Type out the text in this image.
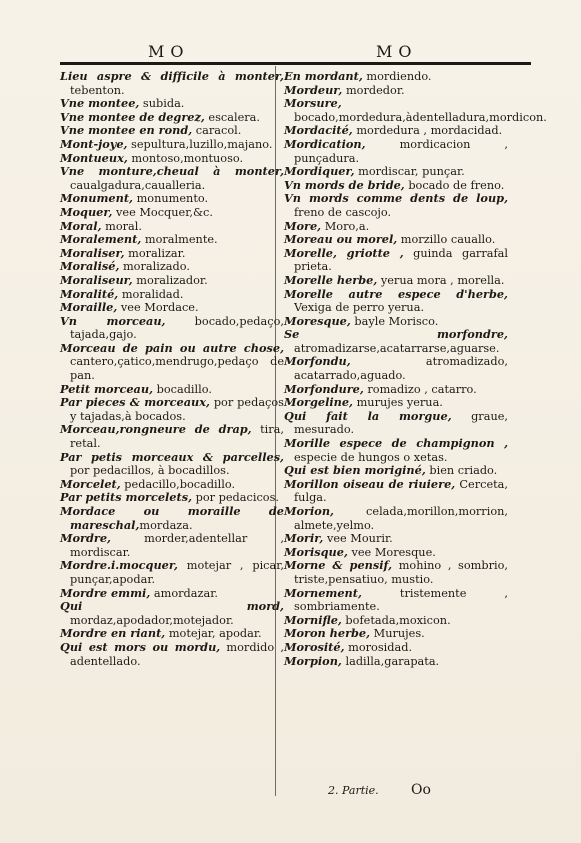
MO	MO

Lieu aspre & difficile à monter, tebenton.

Vne montee, subida.

Vne montee de degrez, escalera.

Vne montee en rond, caracol.

Mont-joye, sepultura,luzillo,majano.

Montueux, montoso,montuoso.

Vne monture,cheual à monter, caualgadura,caualleria.

Monument, monumento.

Moquer, vee Mocquer,&c.

Moral, moral.

Moralement, moralmente.

Moraliser, moralizar.

Moralisé, moralizado.

Moraliseur, moralizador.

Moralité, moralidad.

Moraille, vee Mordace.

Vn morceau, bocado,pedaço, tajada,gajo.

Morceau de pain ou autre chose, cantero,çatico,mendrugo,pedaço de pan.

Petit morceau, bocadillo.

Par pieces & morceaux, por pedaços y tajadas,à bocados.

Morceau,rongneure de drap, tira, retal.

Par petis morceaux & parcelles, por pedacillos, à bocadillos.

Morcelet, pedacillo,bocadillo.

Par petits morcelets, por pedacicos.

Mordace ou moraille de mareschal,mordaza.

Mordre, morder,adentellar , mordiscar.

Mordre.i.mocquer, motejar , picar, punçar,apodar.

Mordre emmi, amordazar.

Qui mord, mordaz,apodador,motejador.

Mordre en riant, motejar, apodar.

Qui est mors ou mordu, mordido , adentellado.

En mordant, mordiendo.

Mordeur, mordedor.

Morsure, bocado,mordedura,àdentelladura,mordicon.

Mordacité, mordedura , mordacidad.

Mordication, mordicacion , punçadura.

Mordiquer, mordiscar, punçar.

Vn mords de bride, bocado de freno.

Vn mords comme dents de loup, freno de cascojo.

More, Moro,a.

Moreau ou morel, morzillo cauallo.

Morelle, griotte , guinda garrafal prieta.

Morelle herbe, yerua mora , morella.

Morelle autre espece d'herbe, Vexiga de perro yerua.

Moresque, bayle Morisco.

Se morfondre, atromadizarse,acatarrarse,aguarse.

Morfondu, atromadizado, acatarrado,aguado.

Morfondure, romadizo , catarro.

Morgeline, murujes yerua.

Qui fait la morgue, graue, mesurado.

Morille espece de champignon , especie de hungos o xetas.

Qui est bien moriginé, bien criado.

Morillon oiseau de riuiere, Cerceta, fulga.

Morion, celada,morillon,morrion, almete,yelmo.

Morir, vee Mourir.

Morisque, vee Moresque.

Morne & pensif, mohino , sombrio, triste,pensatiuo, mustio.

Mornement, tristemente , sombriamente.

Mornifle, bofetada,moxicon.

Moron herbe, Murujes.

Morosité, morosidad.

Morpion, ladilla,garapata.

2. Partie. Oo
